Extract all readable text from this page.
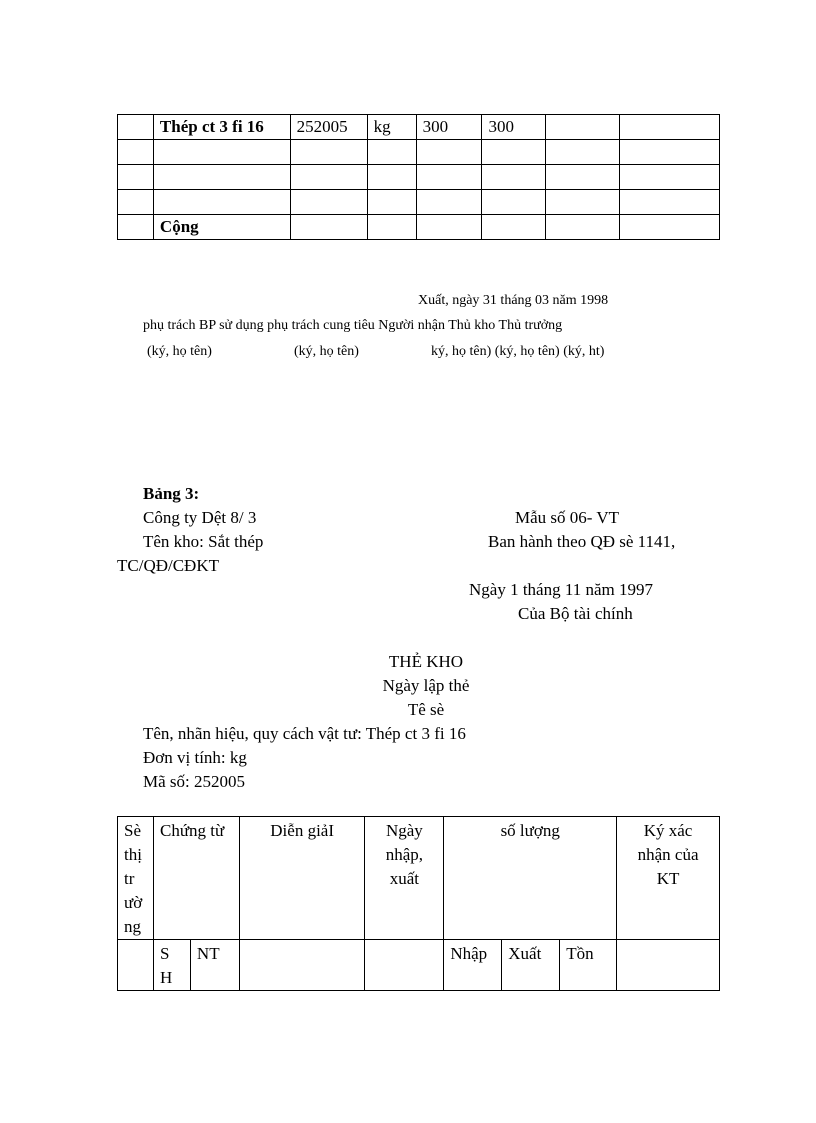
	Thép ct 3 fi 16	252005	kg	300	300		

	Cộng						
Xuất, ngày 31 tháng 03 năm 1998
phụ trách BP sử dụng phụ trách cung tiêu Người nhận Thủ kho Thủ trưởng
(ký, họ tên)	(ký, họ tên)	ký, họ tên) (ký, họ tên) (ký, ht)
Bảng 3:
Công ty Dệt 8/ 3
Tên kho: Sắt thép
TC/QĐ/CĐKT
Mẫu số 06- VT
Ban hành theo QĐ sè 1141,
Ngày 1 tháng 11 năm 1997
Của Bộ tài chính
THẺ KHO
Ngày lập thẻ
Tê sè
Tên, nhãn hiệu, quy cách vật tư: Thép ct 3 fi 16
Đơn vị tính: kg
Mã số: 252005
Sè thị tr ườ ng	Chứng từ		Diễn giảI	Ngày nhập, xuất	số lượng			Ký xác nhận của KT

	S H	NT			Nhập	Xuất	Tồn	
